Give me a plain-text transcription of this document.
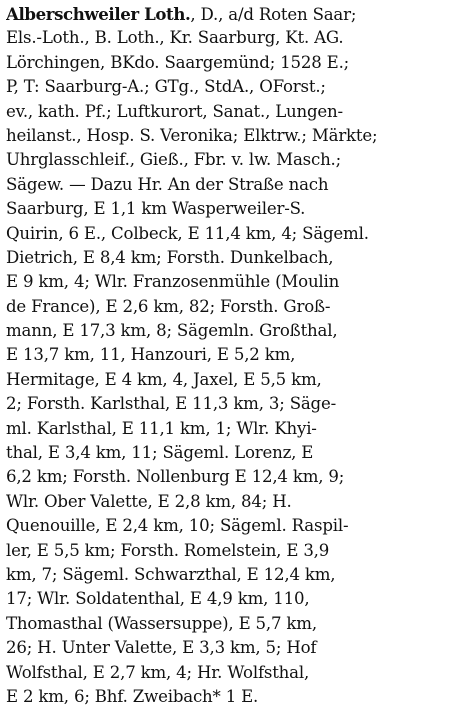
Alberschweiler Loth., D., a/d Roten Saar;
Els.-Loth., B. Loth., Kr. Saarburg, Kt. AG.
Lörchingen, BKdo. Saargemünd; 1528 E.;
P, T: Saarburg-A.; GTg., StdA., OForst.;
ev., kath. Pf.; Luftkurort, Sanat., Lungen-
heilanst., Hosp. S. Veronika; Elktrw.; Märkte;
Uhrglasschleif., Gieß., Fbr. v. lw. Masch.;
Sägew. — Dazu Hr. An der Straße nach
Saarburg, E 1,1 km Wasperweiler-S.
Quirin, 6 E., Colbeck, E 11,4 km, 4; Sägeml.
Dietrich, E 8,4 km; Forsth. Dunkelbach,
E 9 km, 4; Wlr. Franzosenmühle (Moulin
de France), E 2,6 km, 82; Forsth. Groß-
mann, E 17,3 km, 8; Sägemln. Großthal,
E 13,7 km, 11, Hanzouri, E 5,2 km,
Hermitage, E 4 km, 4, Jaxel, E 5,5 km,
2; Forsth. Karlsthal, E 11,3 km, 3; Säge-
ml. Karlsthal, E 11,1 km, 1; Wlr. Khyi-
thal, E 3,4 km, 11; Sägeml. Lorenz, E
6,2 km; Forsth. Nollenburg E 12,4 km, 9;
Wlr. Ober Valette, E 2,8 km, 84; H.
Quenouille, E 2,4 km, 10; Sägeml. Raspil-
ler, E 5,5 km; Forsth. Romelstein, E 3,9
km, 7; Sägeml. Schwarzthal, E 12,4 km,
17; Wlr. Soldatenthal, E 4,9 km, 110,
Thomasthal (Wassersuppe), E 5,7 km,
26; H. Unter Valette, E 3,3 km, 5; Hof
Wolfsthal, E 2,7 km, 4; Hr. Wolfsthal,
E 2 km, 6; Bhf. Zweibach* 1 E.
